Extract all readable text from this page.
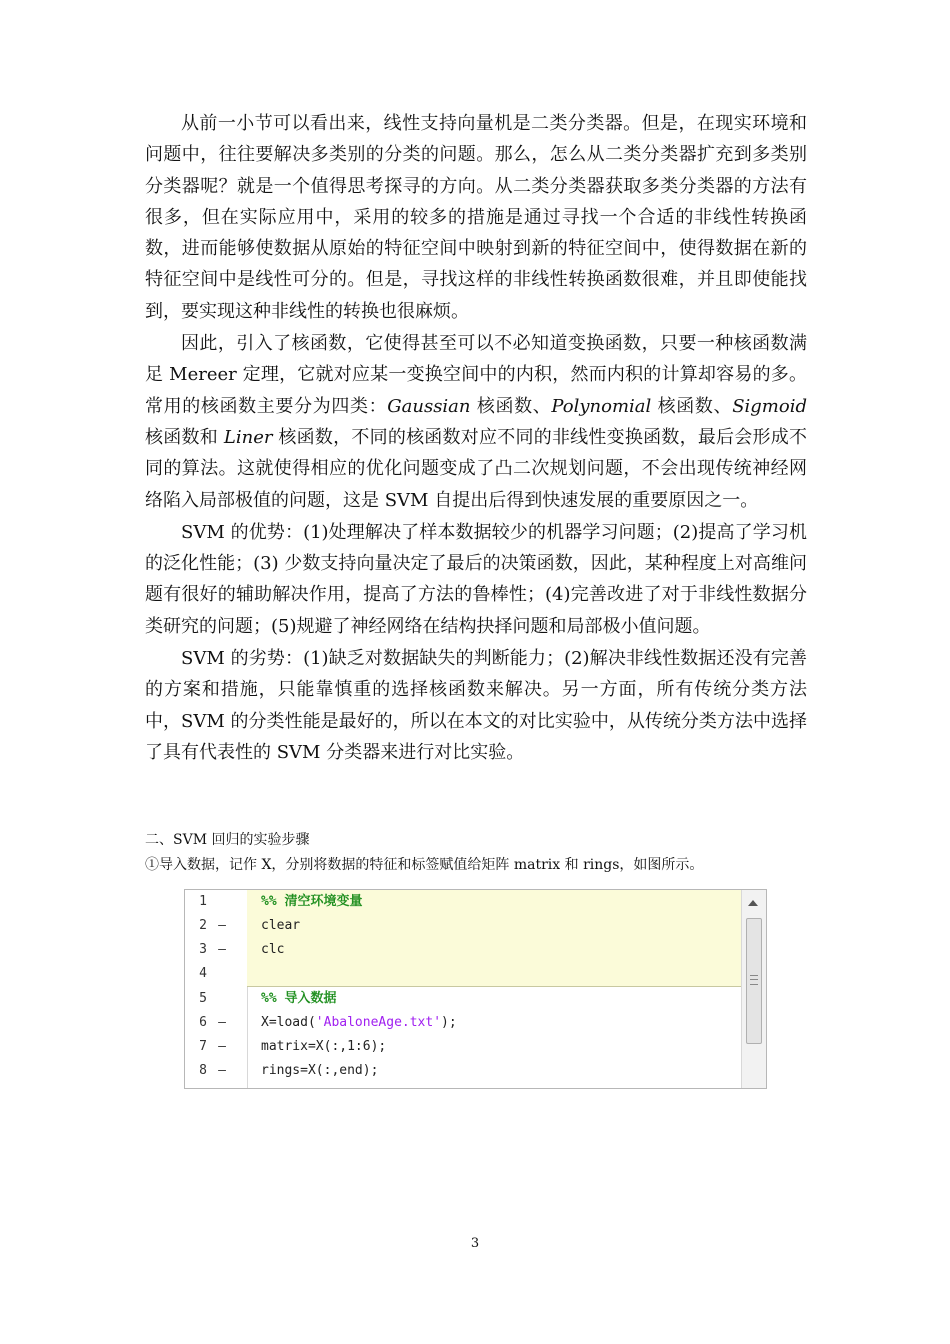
从前一小节可以看出来，线性支持向量机是二类分类器。但是，在现实环境和问题中，往往要解决多类别的分类的问题。那么，怎么从二类分类器扩充到多类别分类器呢？就是一个值得思考探寻的方向。从二类分类器获取多类分类器的方法有很多，但在实际应用中，采用的较多的措施是通过寻找一个合适的非线性转换函数，进而能够使数据从原始的特征空间中映射到新的特征空间中，使得数据在新的特征空间中是线性可分的。但是，寻找这样的非线性转换函数很难，并且即使能找到，要实现这种非线性的转换也很麻烦。

因此，引入了核函数，它使得甚至可以不必知道变换函数，只要一种核函数满足 Mereer 定理，它就对应某一变换空间中的内积，然而内积的计算却容易的多。常用的核函数主要分为四类：Gaussian 核函数、Polynomial 核函数、Sigmoid 核函数和 Liner 核函数，不同的核函数对应不同的非线性变换函数，最后会形成不同的算法。这就使得相应的优化问题变成了凸二次规划问题，不会出现传统神经网络陷入局部极值的问题，这是 SVM 自提出后得到快速发展的重要原因之一。

SVM 的优势：(1)处理解决了样本数据较少的机器学习问题；(2)提高了学习机的泛化性能；(3) 少数支持向量决定了最后的决策函数，因此，某种程度上对高维问题有很好的辅助解决作用，提高了方法的鲁棒性；(4)完善改进了对于非线性数据分类研究的问题；(5)规避了神经网络在结构抉择问题和局部极小值问题。

SVM 的劣势：(1)缺乏对数据缺失的判断能力；(2)解决非线性数据还没有完善的方案和措施，只能靠慎重的选择核函数来解决。另一方面，所有传统分类方法中，SVM 的分类性能是最好的，所以在本文的对比实验中，从传统分类方法中选择了具有代表性的 SVM 分类器来进行对比实验。

二、SVM 回归的实验步骤
①导入数据，记作 X，分别将数据的特征和标签赋值给矩阵 matrix 和 rings，如图所示。
1	%% 清空环境变量
2 –	clear
3 –	clc
4
5	%% 导入数据
6 –	X=load('AbaloneAge.txt');
7 –	matrix=X(:,1:6);
8 –	rings=X(:,end);
3
